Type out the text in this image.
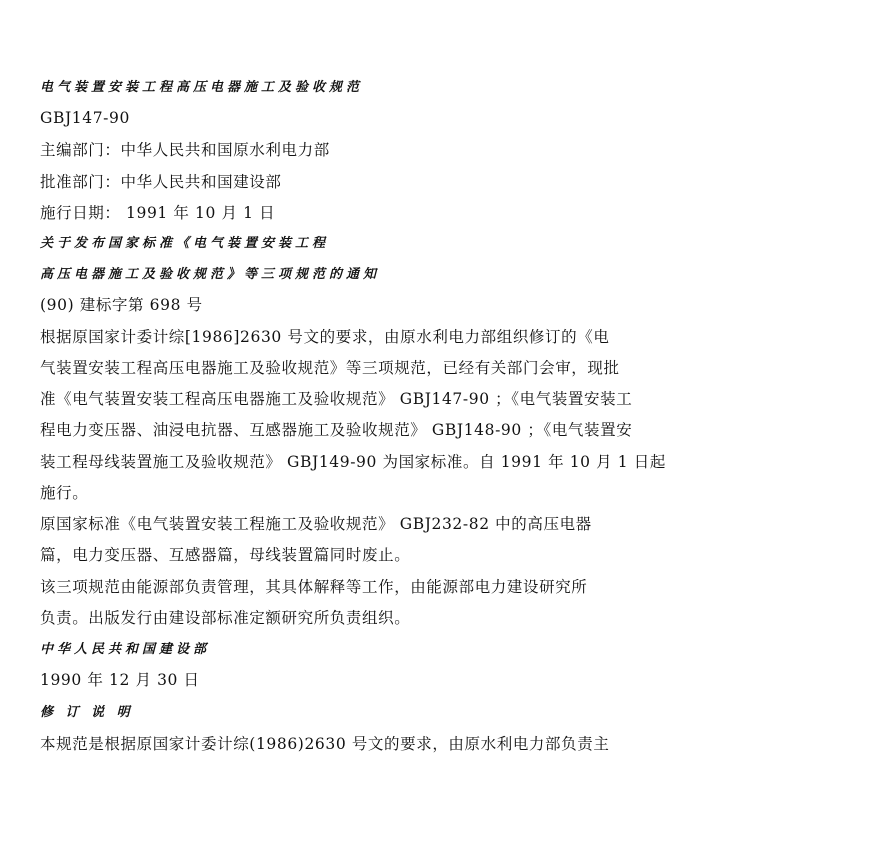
电气装置安装工程高压电器施工及验收规范
GBJ147-90
主编部门：中华人民共和国原水利电力部
批准部门：中华人民共和国建设部
施行日期： 1991 年 10 月 1 日
关于发布国家标准《电气装置安装工程
高压电器施工及验收规范》等三项规范的通知
(90) 建标字第 698 号
根据原国家计委计综[1986]2630 号文的要求，由原水利电力部组织修订的《电
气装置安装工程高压电器施工及验收规范》等三项规范，已经有关部门会审，现批
准《电气装置安装工程高压电器施工及验收规范》 GBJ147-90 ；《电气装置安装工
程电力变压器、油浸电抗器、互感器施工及验收规范》 GBJ148-90 ；《电气装置安
装工程母线装置施工及验收规范》 GBJ149-90 为国家标准。自 1991 年 10 月 1 日起
施行。
原国家标准《电气装置安装工程施工及验收规范》 GBJ232-82 中的高压电器
篇，电力变压器、互感器篇，母线装置篇同时废止。
该三项规范由能源部负责管理，其具体解释等工作，由能源部电力建设研究所
负责。出版发行由建设部标准定额研究所负责组织。
中华人民共和国建设部
1990 年 12 月 30 日
修 订 说 明
本规范是根据原国家计委计综(1986)2630 号文的要求，由原水利电力部负责主
